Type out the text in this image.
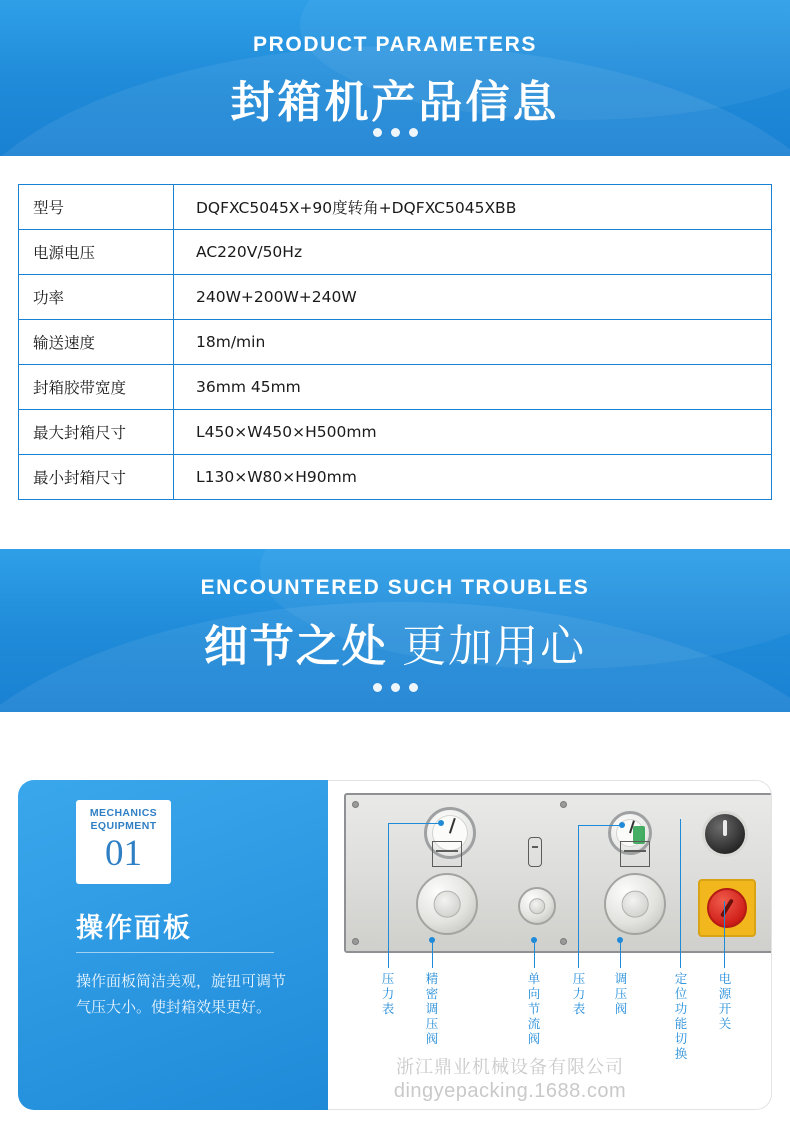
PRODUCT PARAMETERS
封箱机产品信息
型号	DQFXC5045X+90度转角+DQFXC5045XBB
电源电压	AC220V/50Hz
功率	240W+200W+240W
输送速度	18m/min
封箱胶带宽度	36mm 45mm
最大封箱尺寸	L450×W450×H500mm
最小封箱尺寸	L130×W80×H90mm
ENCOUNTERED SUCH TROUBLES
细节之处 更加用心
MECHANICS
EQUIPMENT
01
操作面板
操作面板简洁美观，旋钮可调节气压大小。使封箱效果更好。
压力表
精密调压阀
单向节流阀
压力表
调压阀
定位功能切换
电源开关
浙江鼎业机械设备有限公司
dingyepacking.1688.com
